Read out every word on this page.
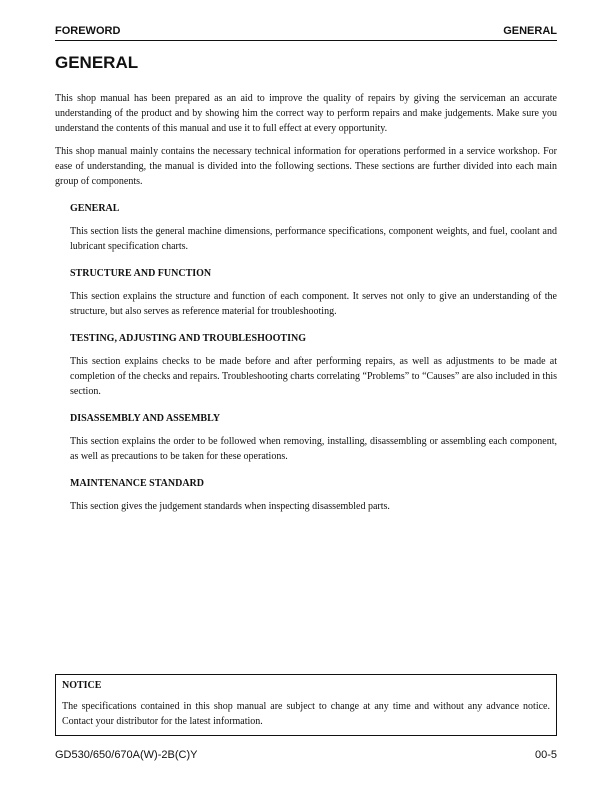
FOREWORD	GENERAL
GENERAL

This shop manual has been prepared as an aid to improve the quality of repairs by giving the serviceman an accurate understanding of the product and by showing him the correct way to perform repairs and make judgements. Make sure you understand the contents of this manual and use it to full effect at every opportunity.

This shop manual mainly contains the necessary technical information for operations performed in a service workshop. For ease of understanding, the manual is divided into the following sections. These sections are further divided into each main group of components.

GENERAL

This section lists the general machine dimensions, performance specifications, component weights, and fuel, coolant and lubricant specification charts.

STRUCTURE AND FUNCTION

This section explains the structure and function of each component. It serves not only to give an understanding of the structure, but also serves as reference material for troubleshooting.

TESTING, ADJUSTING AND TROUBLESHOOTING

This section explains checks to be made before and after performing repairs, as well as adjustments to be made at completion of the checks and repairs. Troubleshooting charts correlating “Problems” to “Causes” are also included in this section.

DISASSEMBLY AND ASSEMBLY

This section explains the order to be followed when removing, installing, disassembling or assembling each component, as well as precautions to be taken for these operations.

MAINTENANCE STANDARD

This section gives the judgement standards when inspecting disassembled parts.

NOTICE

The specifications contained in this shop manual are subject to change at any time and without any advance notice. Contact your distributor for the latest information.

GD530/650/670A(W)-2B(C)Y	00-5
